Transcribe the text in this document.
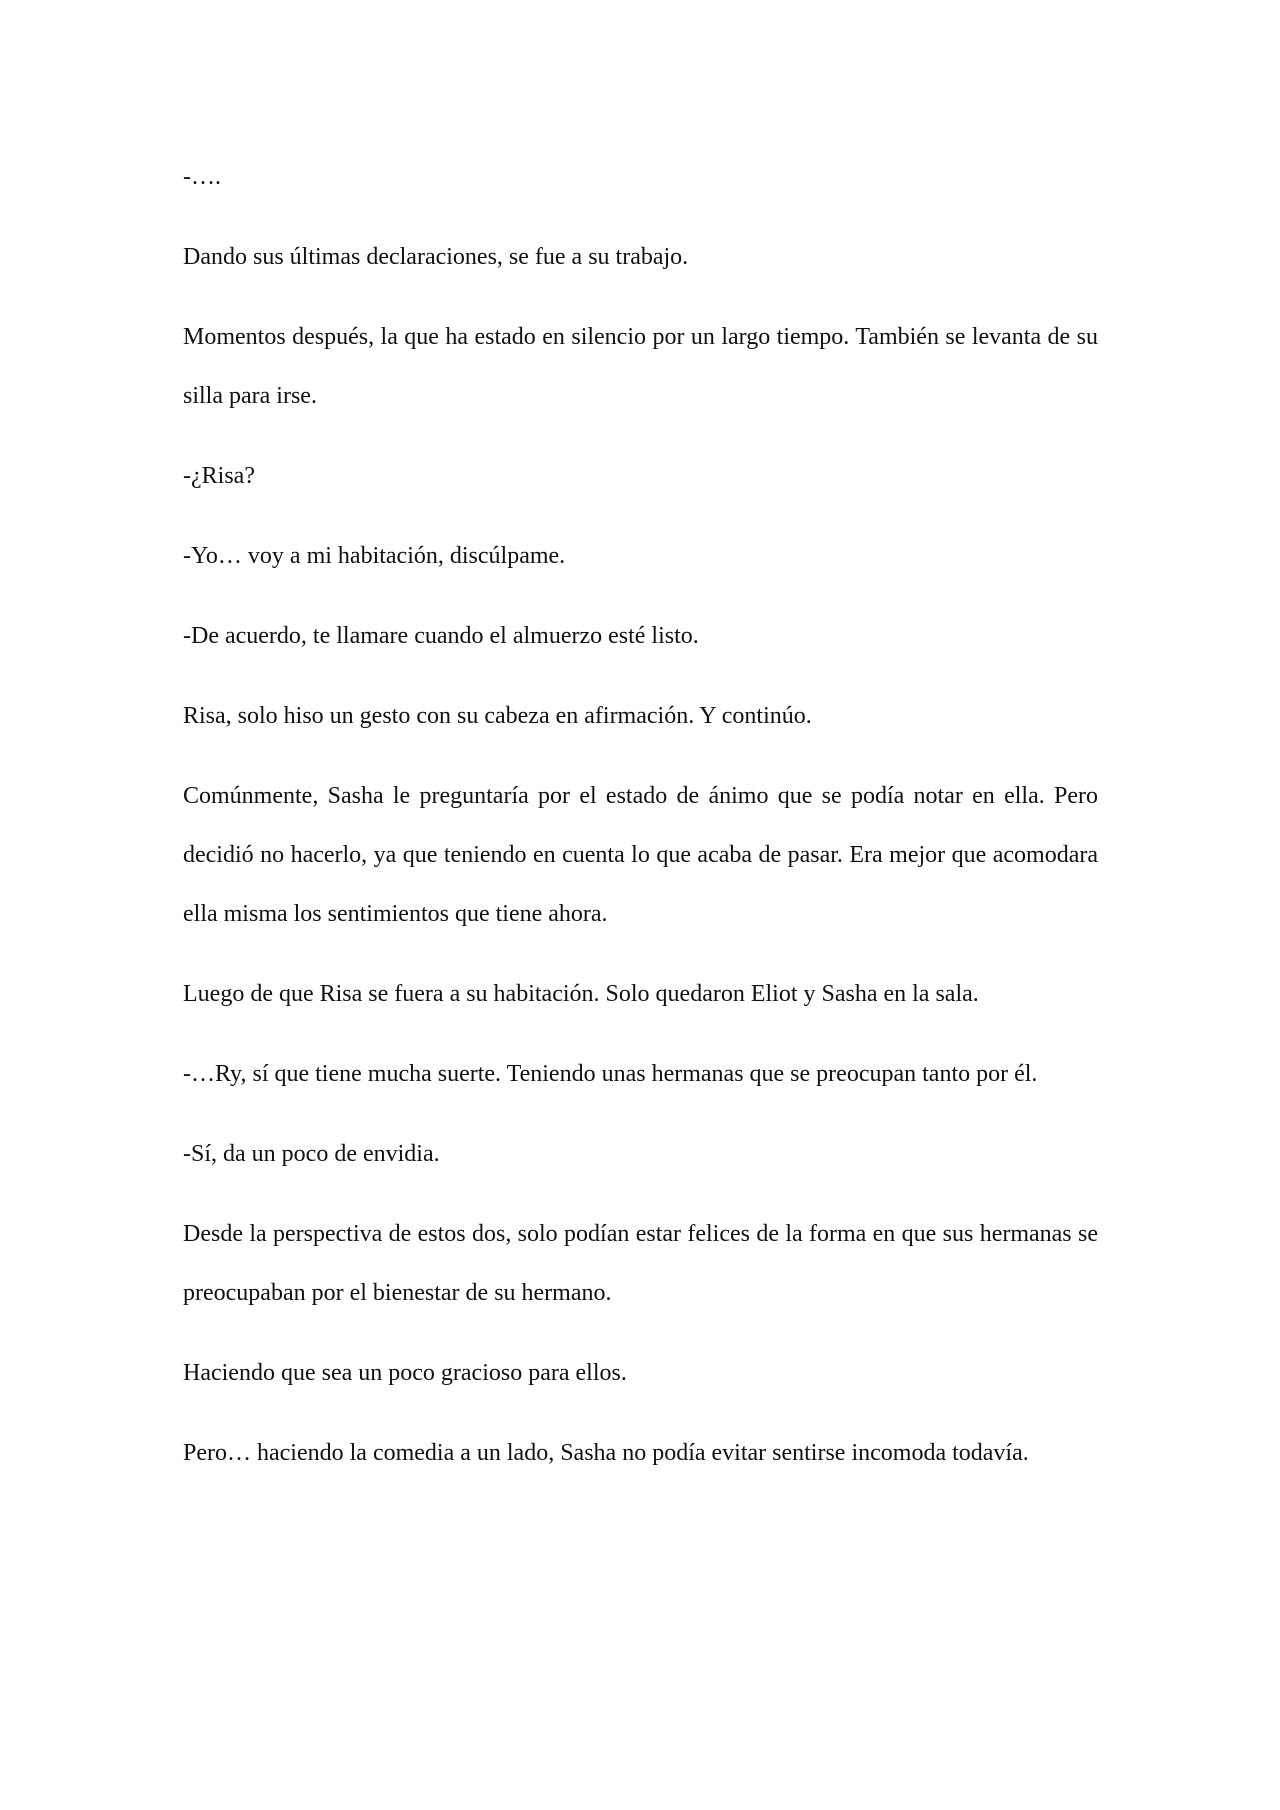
-….

Dando sus últimas declaraciones, se fue a su trabajo.

Momentos después, la que ha estado en silencio por un largo tiempo. También se levanta de su silla para irse.

-¿Risa?

-Yo… voy a mi habitación, discúlpame.

-De acuerdo, te llamare cuando el almuerzo esté listo.

Risa, solo hiso un gesto con su cabeza en afirmación. Y continúo.

Comúnmente, Sasha le preguntaría por el estado de ánimo que se podía notar en ella. Pero decidió no hacerlo, ya que teniendo en cuenta lo que acaba de pasar. Era mejor que acomodara ella misma los sentimientos que tiene ahora.

Luego de que Risa se fuera a su habitación. Solo quedaron Eliot y Sasha en la sala.

-…Ry, sí que tiene mucha suerte. Teniendo unas hermanas que se preocupan tanto por él.

-Sí, da un poco de envidia.

Desde la perspectiva de estos dos, solo podían estar felices de la forma en que sus hermanas se preocupaban por el bienestar de su hermano.

Haciendo que sea un poco gracioso para ellos.

Pero… haciendo la comedia a un lado, Sasha no podía evitar sentirse incomoda todavía.
